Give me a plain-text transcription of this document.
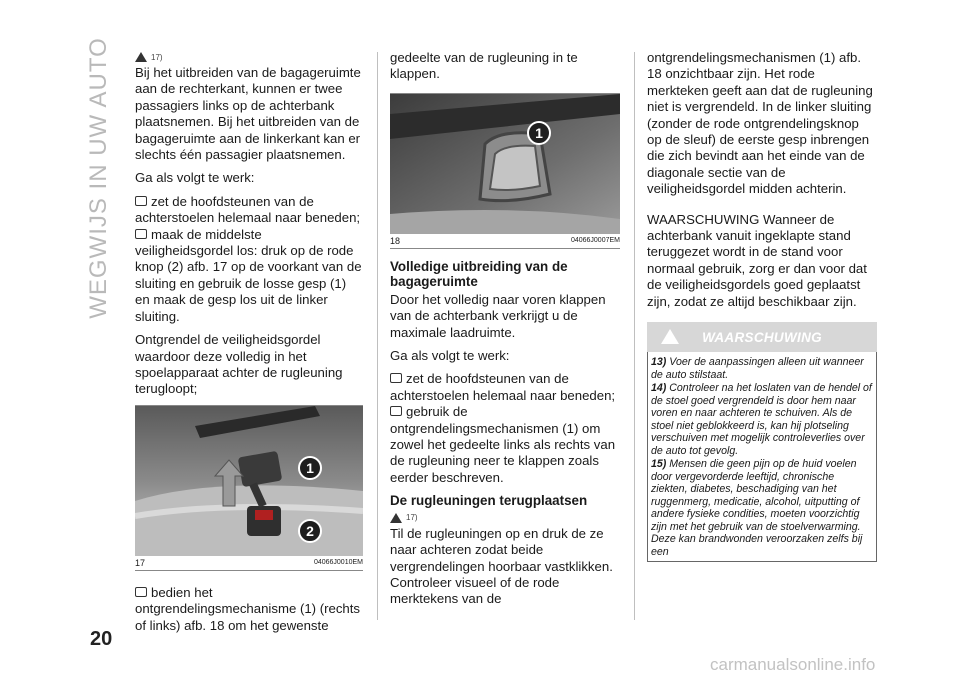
WEGWIJS IN UW AUTO
20
17)

Bij het uitbreiden van de bagageruimte aan de rechterkant, kunnen er twee passagiers links op de achterbank plaatsnemen. Bij het uitbreiden van de bagageruimte aan de linkerkant kan er slechts één passagier plaatsnemen.

Ga als volgt te werk:

zet de hoofdsteunen van de achterstoelen helemaal naar beneden;

maak de middelste veiligheidsgordel los: druk op de rode knop (2) afb. 17 op de voorkant van de sluiting en gebruik de losse gesp (1) en maak de gesp los uit de linker sluiting.

Ontgrendel de veiligheidsgordel waardoor deze volledig in het spoelapparaat achter de rugleuning terugloopt;

1
2
17	04066J0010EM

bedien het ontgrendelingsmechanisme (1) (rechts of links) afb. 18 om het gewenste

gedeelte van de rugleuning in te klappen.

1
18	04066J0007EM
Volledige uitbreiding van de bagageruimte

Door het volledig naar voren klappen van de achterbank verkrijgt u de maximale laadruimte.

Ga als volgt te werk:

zet de hoofdsteunen van de achterstoelen helemaal naar beneden;

gebruik de ontgrendelingsmechanismen (1) om zowel het gedeelte links als rechts van de rugleuning neer te klappen zoals eerder beschreven.

De rugleuningen terugplaatsen
17)

Til de rugleuningen op en druk de ze naar achteren zodat beide vergrendelingen hoorbaar vastklikken. Controleer visueel of de rode merktekens van de

ontgrendelingsmechanismen (1) afb. 18 onzichtbaar zijn. Het rode merkteken geeft aan dat de rugleuning niet is vergrendeld. In de linker sluiting (zonder de rode ontgrendelingsknop op de sleuf) de eerste gesp inbrengen die zich bevindt aan het einde van de diagonale sectie van de veiligheidsgordel midden achterin.

WAARSCHUWING Wanneer de achterbank vanuit ingeklapte stand teruggezet wordt in de stand voor normaal gebruik, zorg er dan voor dat de veiligheidsgordels goed geplaatst zijn, zodat ze altijd beschikbaar zijn.

WAARSCHUWING

13) Voer de aanpassingen alleen uit wanneer de auto stilstaat.

14) Controleer na het loslaten van de hendel of de stoel goed vergrendeld is door hem naar voren en naar achteren te schuiven. Als de stoel niet geblokkeerd is, kan hij plotseling verschuiven met mogelijk controleverlies over de auto tot gevolg.

15) Mensen die geen pijn op de huid voelen door vergevorderde leeftijd, chronische ziekten, diabetes, beschadiging van het ruggenmerg, medicatie, alcohol, uitputting of andere fysieke condities, moeten voorzichtig zijn met het gebruik van de stoelverwarming. Deze kan brandwonden veroorzaken zelfs bij een

carmanualsonline.info
